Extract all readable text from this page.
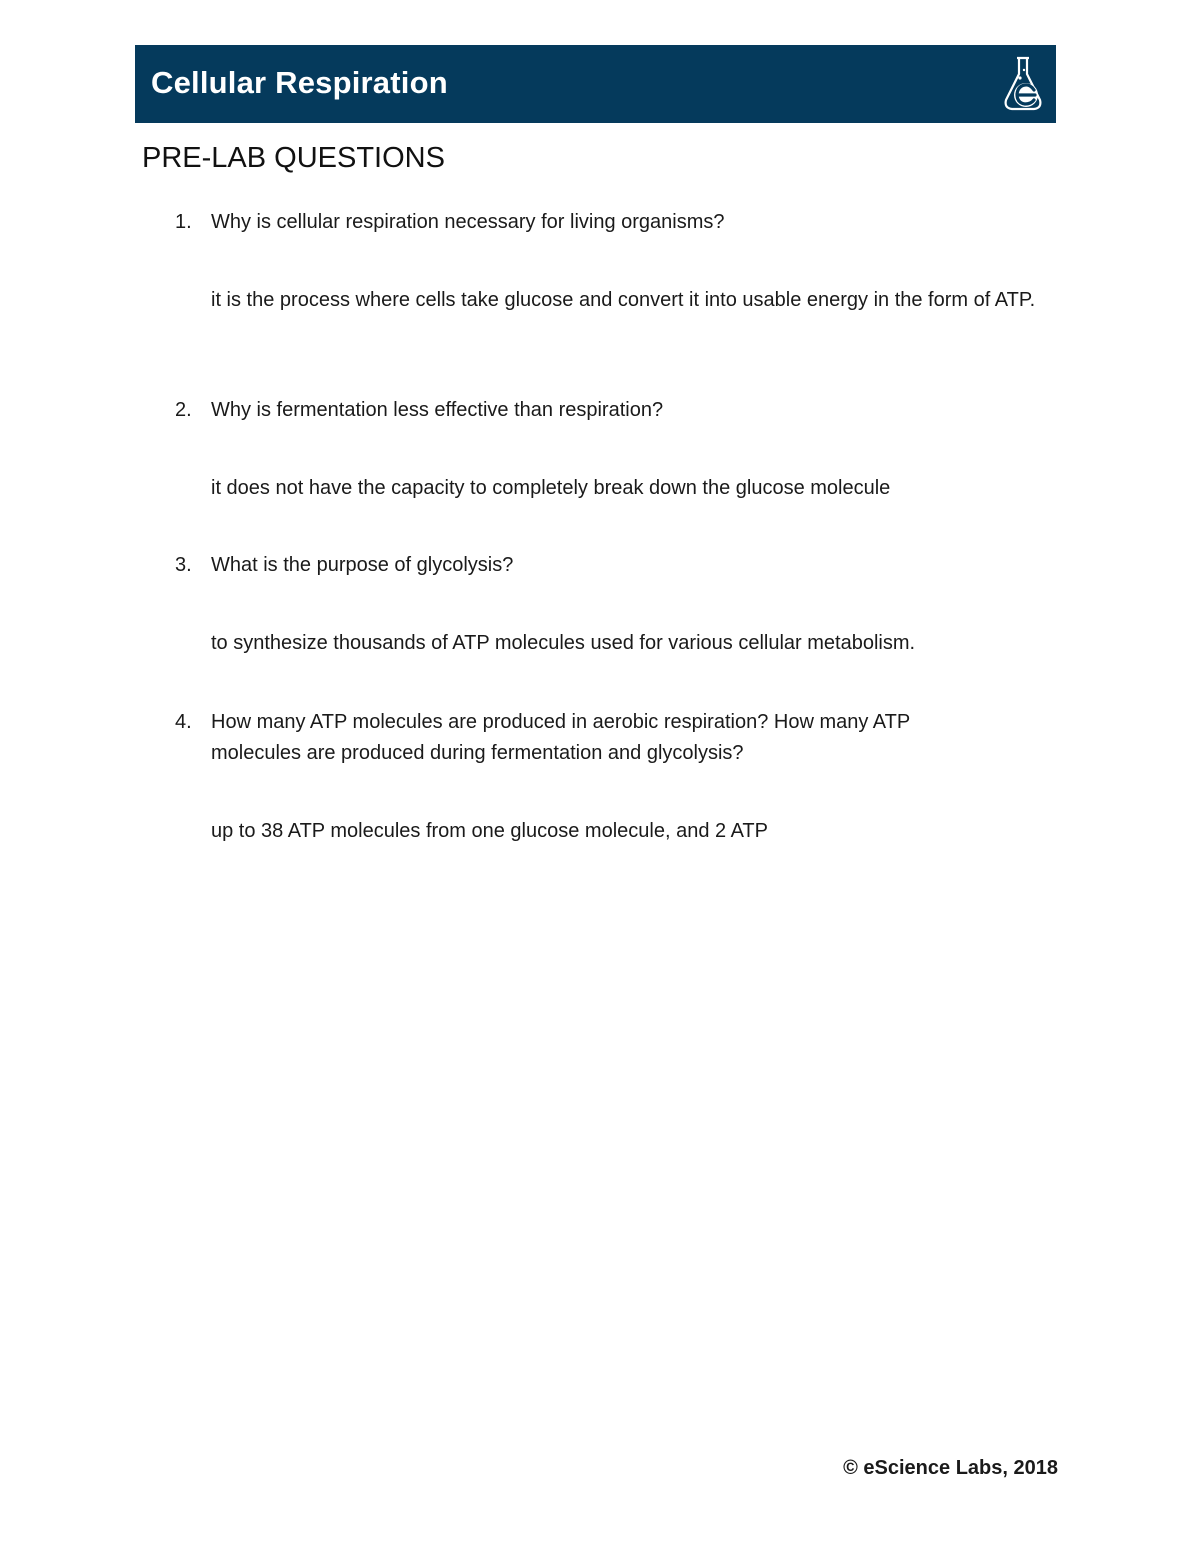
Cellular Respiration
PRE-LAB QUESTIONS
1. Why is cellular respiration necessary for living organisms?
it is the process where cells take glucose and convert it into usable energy in the form of ATP.
2. Why is fermentation less effective than respiration?
it does not have the capacity to completely break down the glucose molecule
3. What is the purpose of glycolysis?
to synthesize thousands of ATP molecules used for various cellular metabolism.
4. How many ATP molecules are produced in aerobic respiration? How many ATP molecules are produced during fermentation and glycolysis?
up to 38 ATP molecules from one glucose molecule, and 2 ATP
© eScience Labs, 2018
